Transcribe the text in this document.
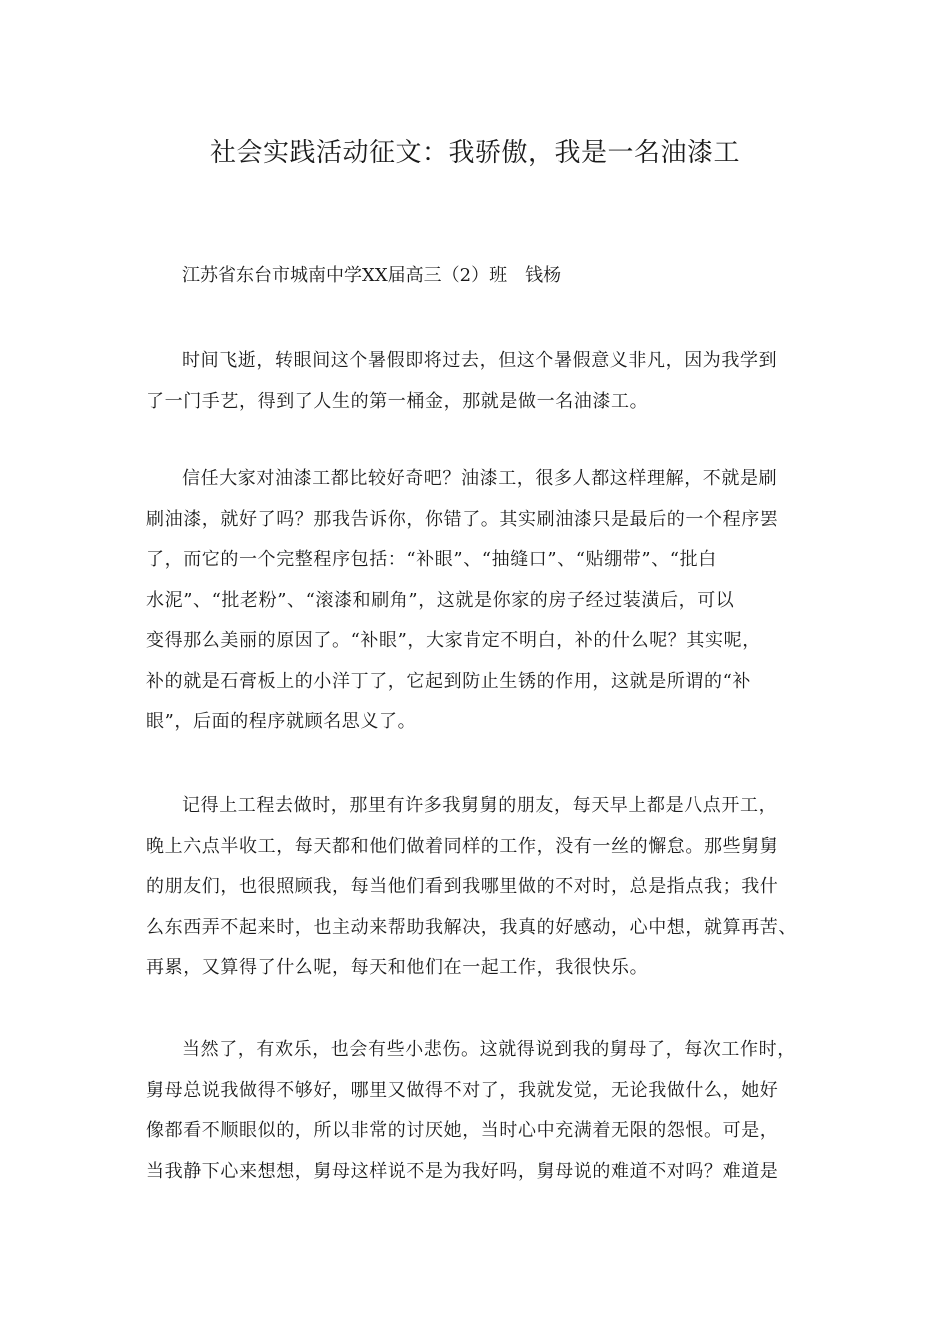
社会实践活动征文：我骄傲，我是一名油漆工

江苏省东台市城南中学XX届高三（2）班　钱杨

时间飞逝，转眼间这个暑假即将过去，但这个暑假意义非凡，因为我学到
了一门手艺，得到了人生的第一桶金，那就是做一名油漆工。

信任大家对油漆工都比较好奇吧？油漆工，很多人都这样理解，不就是刷
刷油漆，就好了吗？那我告诉你，你错了。其实刷油漆只是最后的一个程序罢
了，而它的一个完整程序包括：“补眼”、“抽缝口”、“贴绷带”、“批白
水泥”、“批老粉”、“滚漆和刷角”，这就是你家的房子经过装潢后，可以
变得那么美丽的原因了。“补眼”，大家肯定不明白，补的什么呢？其实呢，
补的就是石膏板上的小洋丁了，它起到防止生锈的作用，这就是所谓的“补
眼”，后面的程序就顾名思义了。

记得上工程去做时，那里有许多我舅舅的朋友，每天早上都是八点开工，
晚上六点半收工，每天都和他们做着同样的工作，没有一丝的懈怠。那些舅舅
的朋友们，也很照顾我，每当他们看到我哪里做的不对时，总是指点我；我什
么东西弄不起来时，也主动来帮助我解决，我真的好感动，心中想，就算再苦、
再累，又算得了什么呢，每天和他们在一起工作，我很快乐。

当然了，有欢乐，也会有些小悲伤。这就得说到我的舅母了，每次工作时，
舅母总说我做得不够好，哪里又做得不对了，我就发觉，无论我做什么，她好
像都看不顺眼似的，所以非常的讨厌她，当时心中充满着无限的怨恨。可是，
当我静下心来想想，舅母这样说不是为我好吗，舅母说的难道不对吗？难道是
